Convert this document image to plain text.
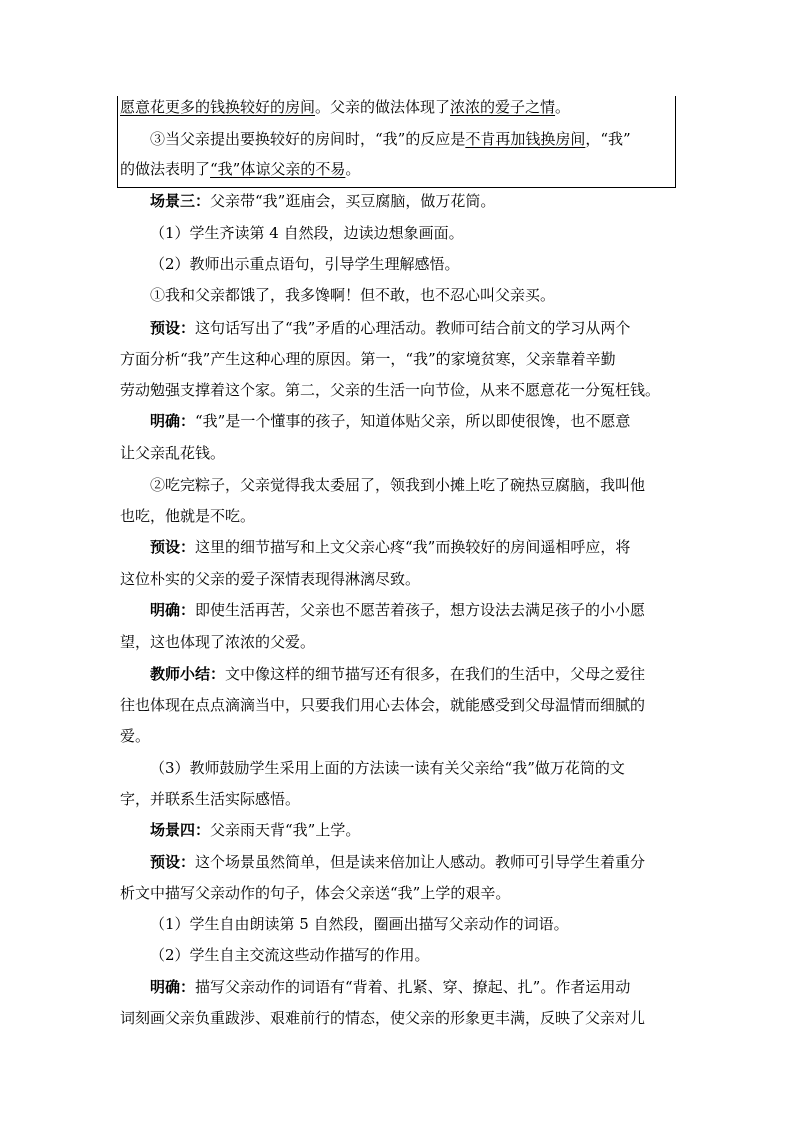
愿意花更多的钱换较好的房间。父亲的做法体现了浓浓的爱子之情。
③当父亲提出要换较好的房间时，“我”的反应是不肯再加钱换房间，“我”
的做法表明了“我”体谅父亲的不易。
场景三：父亲带“我”逛庙会，买豆腐脑，做万花筒。
（1）学生齐读第 4 自然段，边读边想象画面。
（2）教师出示重点语句，引导学生理解感悟。
①我和父亲都饿了，我多馋啊！但不敢，也不忍心叫父亲买。
预设：这句话写出了“我”矛盾的心理活动。教师可结合前文的学习从两个
方面分析“我”产生这种心理的原因。第一，“我”的家境贫寒，父亲靠着辛勤
劳动勉强支撑着这个家。第二，父亲的生活一向节俭，从来不愿意花一分冤枉钱。
明确：“我”是一个懂事的孩子，知道体贴父亲，所以即使很馋，也不愿意
让父亲乱花钱。
②吃完粽子，父亲觉得我太委屈了，领我到小摊上吃了碗热豆腐脑，我叫他
也吃，他就是不吃。
预设：这里的细节描写和上文父亲心疼“我”而换较好的房间遥相呼应，将
这位朴实的父亲的爱子深情表现得淋漓尽致。
明确：即使生活再苦，父亲也不愿苦着孩子，想方设法去满足孩子的小小愿
望，这也体现了浓浓的父爱。
教师小结：文中像这样的细节描写还有很多，在我们的生活中，父母之爱往
往也体现在点点滴滴当中，只要我们用心去体会，就能感受到父母温情而细腻的
爱。
（3）教师鼓励学生采用上面的方法读一读有关父亲给“我”做万花筒的文
字，并联系生活实际感悟。
场景四：父亲雨天背“我”上学。
预设：这个场景虽然简单，但是读来倍加让人感动。教师可引导学生着重分
析文中描写父亲动作的句子，体会父亲送“我”上学的艰辛。
（1）学生自由朗读第 5 自然段，圈画出描写父亲动作的词语。
（2）学生自主交流这些动作描写的作用。
明确：描写父亲动作的词语有“背着、扎紧、穿、撩起、扎”。作者运用动
词刻画父亲负重跋涉、艰难前行的情态，使父亲的形象更丰满，反映了父亲对儿
